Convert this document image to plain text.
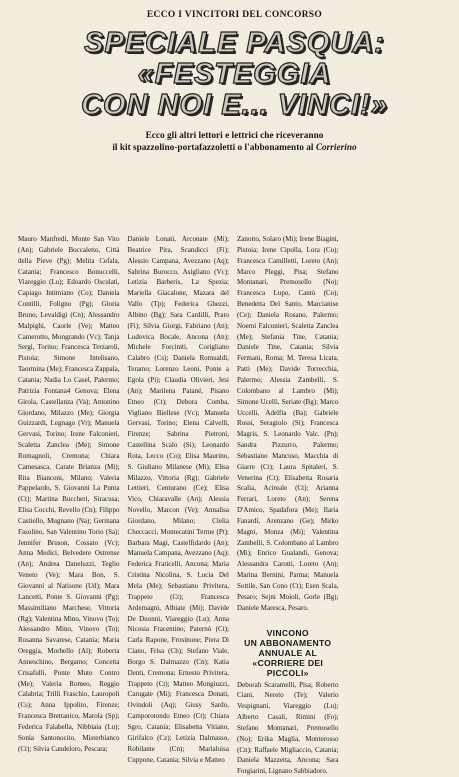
ECCO I VINCITORI DEL CONCORSO
SPECIALE PASQUA:
«FESTEGGIA
CON NOI E... VINCI!»
Ecco gli altri lettori e lettrici che riceveranno
il kit spazzolino-portafazzoletti o l'abbonamento al Corrierino

Mauro Manfredi, Monte San Vito (An); Gabriele Boccaletto, Città della Pieve (Pg); Melita Cefala, Catania; Francesco Bonuccelli, Viareggio (Lu); Edoardo Osculati, Capiago Intimiano (Co); Daniela Contilli, Foligno (Pg); Gloria Bruno, Levaldigi (Cn); Alessandro Malpighi, Caorle (Ve); Matteo Camerotto, Mongrando (Vc); Tanja Sergi, Torino; Francesca Terzaroli, Pistoia; Simone Intelisano, Taormina (Me); Francesca Zappala, Catania; Nadia Lo Casel, Palermo; Patrizia Fontana4 Genova; Elena Girola, Castellanza (Va); Antonino Giordano, Milazzo (Me); Giorgia Guizzardi, Legnago (Vr); Manuela Gervasi, Torino; Irene Falconieri, Scaletta Zanclea (Me); Simone Romagnoli, Cremona; Chiara Camesasca, Carate Brianza (Mi); Rita Bianconi, Milano; Valeria Pappelardo, S. Giovanni La Punta (Ct); Martina Buccheri, Siracusa; Elisa Cocchi, Revello (Cn); Filippo Castiello, Mugnano (Na); Germana Fasolino, San Valentino Torio (Sa); Jennifer Bruson, Cossato (Vc); Anna Medici, Belvedere Ostrense (An); Andrea Daneluzzi, Teglio Veneto (Ve); Mara Bon, S. Giovanni al Natisone (Ud); Mara Lancetti, Ponte S. Giovanni (Pg); Massimiliano Marchese, Vittoria (Rg); Valentina Mino, Vinovo (To); Alessandro Mino, Vinovo (To); Rosanna Savarese, Catania; Maria Oreggia, Morbello (Al); Roberta Anneschino, Bergamo; Concetta Crisafulli, Ponte Muto Contro (Me); Valeria Romeo, Reggio Calabria; Trilli Fraschio, Lauropoli (Cs); Anna Ippolito, Firenze; Francesca Brettanico, Marola (Sp); Federica Falabella, Nibbiaia (Lu); Sonia Santonocito, Misterbianco (Ct); Silvia Candeloro, Pescara;

Daniele Lonati, Arconate (Mi); Beatrice Pira, Scandicci (Fi); Alessio Campana, Avezzano (Aq); Sabrina Burocco, Asigliano (Vc); Letizia Barberis, La Spezia; Mariella Giacalone, Mazara del Vallo (Tp); Federica Ghezzi, Albino (Bg); Sara Cardilli, Prato (Fi); Silvia Giorgi, Fabriano (An); Ludovica Bocale, Ancona (An); Michele Forciniti, Corigliano Calabro (Cs); Daniela Romualdi, Teramo; Lorenzo Leoni, Ponte a Egola (Pi); Claudia Olivieri, Jesi (An); Marilena Patané, Pisano Etneo (Ct); Debora Comba, Vigliano Biellese (Vc); Manuela Gervasi, Torino; Elena Calvelli, Firenze; Sabrina Pietroni, Castellina Scalo (Si); Leonardo Rota, Lecco (Co); Elisa Maurino, S. Giuliano Milanese (Mi); Elisa Milazzo, Vittoria (Rg); Gabriele Lettieri, Centurano (Ce); Elisa Vico, Chiaravalle (An); Alessia Novello, Marcon (Ve); Annalisa Giordano, Milano; Clelia Checcacci, Montecatini Terme (Pt); Barbara Magi, Castelfidardo (An); Manuela Campana, Avezzano (Aq); Federica Fraticelli, Ancona; Maria Cristina Nicolina, S. Lucia Del Mela (Me); Sebastiano Privitera, Trappeto (Ct); Francesca Ardemagni, Albiate (Mi); Davide De Duonni, Viareggio (Lu); Anna Nicosia Fracentino, Paternò (Ct); Carla Rapone, Frosinone; Piera Di Ciano, Frisa (Ch); Stefano Viale, Borgo S. Dalmazzo (Cn); Katia Denti, Cremona; Ernesto Privitera, Trappeto (Ct); Matteo Mongiuzzi, Carugate (Mi); Francesca Donati, Ovindoli (Aq); Giusy Sardo, Camporotondo Etneo (Ct); Chiara Sgro, Catania; Elisabetta Vitiano, Girifalco (Cz); Letizia Dalmasso, Robilante (Cn); Marialuisa Cuppone, Catania; Silvia e Matteo

Zanotto, Solaro (Mi); Irene Biagini, Pistoia; Irene Cipolla, Lora (Co); Francesca Camilletti, Loreto (An); Marco Pleggi, Pisa; Stefano Montanari, Premosello (No); Francesca Lupo, Cantù (Co); Benedetta Del Santo, Marcianise (Ce); Daniela Rosano, Palermo; Noemi Falconieri, Scaletta Zanclea (Me); Stefania Tine, Catania; Daniele Tine, Catania; Silvia Fermani, Roma; M. Teresa Licata, Patti (Me); Davide Torrecchia, Palermo; Alessia Zambelli, S. Colombano al Lambro (Mi); Simone Ucelli, Seriate (Bg); Marco Uccelli, Adelfia (Ba); Gabriele Rossi, Seragiolo (Si); Francesca Magris, S. Leonardo Valc. (Pn); Sandra Pizzurro, Palermo; Sebastiano Mancuso, Macchia di Giarre (Ct); Laura Spitaleri, S. Venerina (Ct); Elisabetta Rosaria Scalia, Acireale (Ct); Arianna Ferrari, Loreto (An); Serena D'Amico, Spadafora (Me); Ilaria Fanardi, Arenzano (Ge); Mirko Magni, Monza (Mi); Valentina Zambelli, S. Colombano al Lambro (Mi); Enrico Gualandi, Genova; Alessandra Carotti, Loreto (An); Marina Bernini, Parma; Manuela Sottile, San Cono (Ct); Esen Scala, Pesaro; Sejni Moioli, Gorle (Bg); Daniele Maresca, Pesaro.

VINCONO
UN ABBONAMENTO
ANNUALE AL
«CORRIERE DEI PICCOLI»

Deborah Scaramelli, Pisa; Roberto Ciani, Nereto (Te); Valerio Vespignani, Viareggio (Lu); Alberto Casali, Rimini (Fo); Stefano Montanari, Premosello (No); Erika Maglia, Monterosso (Cn); Raffaele Migliaccio, Catania; Daniela Mazzetta, Ancona; Sara Forgiarini, Lignano Sabbiadoro.
